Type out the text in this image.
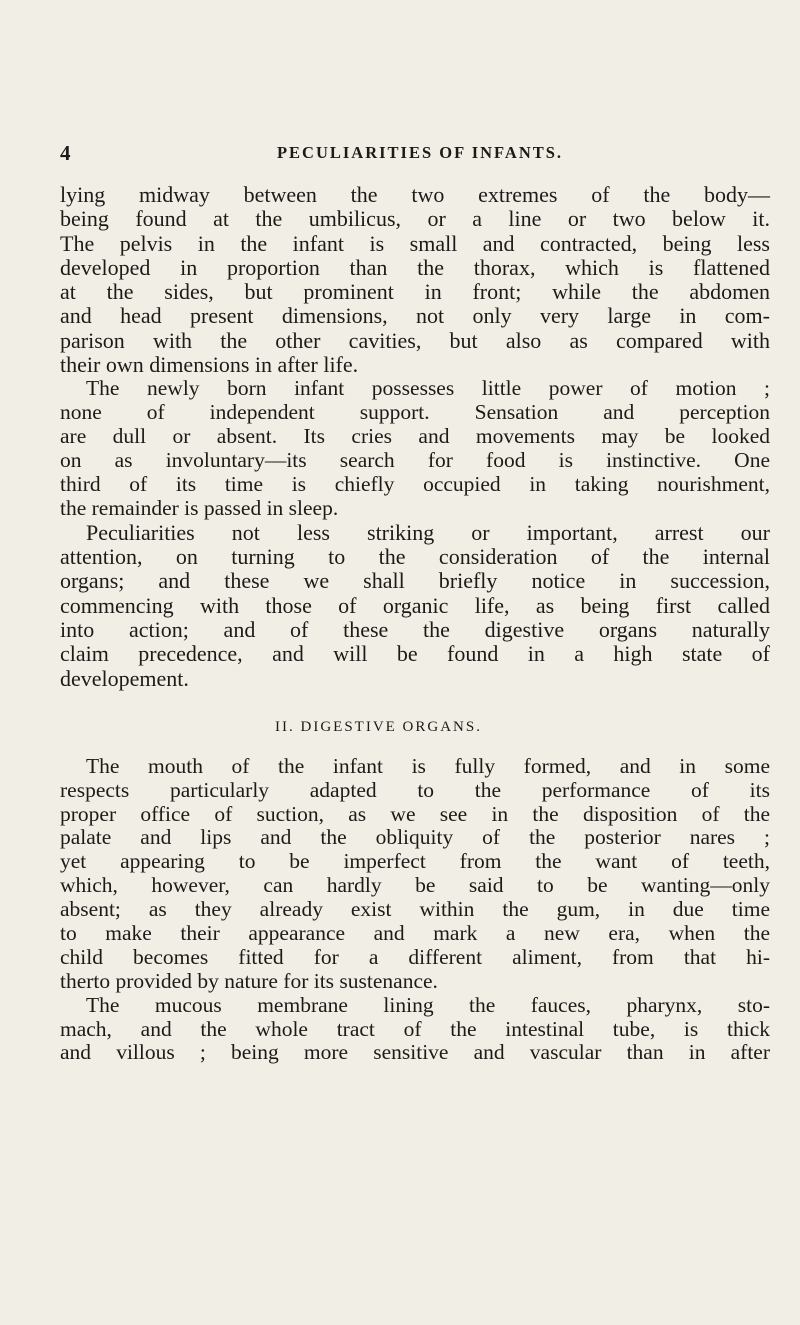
4	PECULIARITIES OF INFANTS.
lying midway between the two extremes of the body—
being found at the umbilicus, or a line or two below it.
The pelvis in the infant is small and contracted, being less
developed in proportion than the thorax, which is flattened
at the sides, but prominent in front; while the abdomen
and head present dimensions, not only very large in com-
parison with the other cavities, but also as compared with
their own dimensions in after life.
The newly born infant possesses little power of motion ;
none of independent support. Sensation and perception
are dull or absent. Its cries and movements may be looked
on as involuntary—its search for food is instinctive. One
third of its time is chiefly occupied in taking nourishment,
the remainder is passed in sleep.
Peculiarities not less striking or important, arrest our
attention, on turning to the consideration of the internal
organs; and these we shall briefly notice in succession,
commencing with those of organic life, as being first called
into action; and of these the digestive organs naturally
claim precedence, and will be found in a high state of
developement.
II. DIGESTIVE ORGANS.
The mouth of the infant is fully formed, and in some
respects particularly adapted to the performance of its
proper office of suction, as we see in the disposition of the
palate and lips and the obliquity of the posterior nares ;
yet appearing to be imperfect from the want of teeth,
which, however, can hardly be said to be wanting—only
absent; as they already exist within the gum, in due time
to make their appearance and mark a new era, when the
child becomes fitted for a different aliment, from that hi-
therto provided by nature for its sustenance.
The mucous membrane lining the fauces, pharynx, sto-
mach, and the whole tract of the intestinal tube, is thick
and villous ; being more sensitive and vascular than in after
